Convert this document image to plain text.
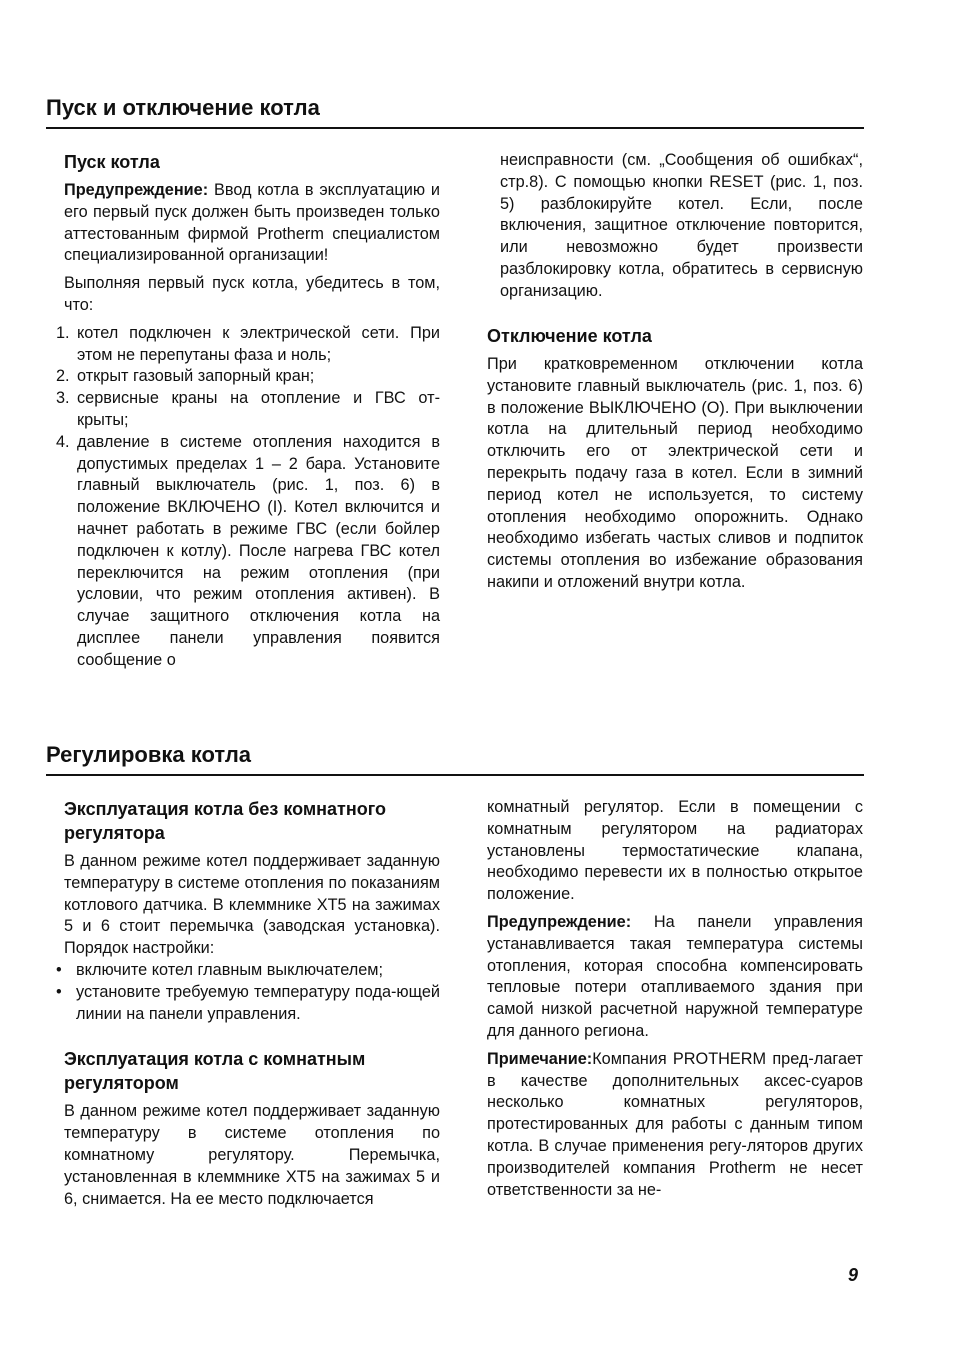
Пуск и отключение котла
Пуск котла

Предупреждение: Ввод котла в эксплуатацию и его первый пуск должен быть произведен только аттестованным фирмой Protherm специалистом специализированной организации!

Выполняя первый пуск котла, убедитесь в том, что:

1. котел подключен к электрической сети. При этом не перепутаны фаза и ноль;
2. открыт газовый запорный кран;
3. сервисные краны на отопление и ГВС от-крыты;
4. давление в системе отопления находится в допустимых пределах 1 – 2 бара. Установите главный выключатель (рис. 1, поз. 6) в положение ВКЛЮЧЕНО (I). Котел включится и начнет работать в режиме ГВС (если бойлер подключен к котлу). После нагрева ГВС котел переключится на режим отопления (при условии, что режим отопления активен). В случае защитного отключения котла на дисплее панели управления появится сообщение о

неисправности (см. „Сообщения об ошибках“, стр.8). С помощью кнопки RESET (рис. 1, поз. 5) разблокируйте котел. Если, после включения, защитное отключение повторится, или невозможно будет произвести разблокировку котла, обратитесь в сервисную организацию.

Отключение котла

При кратковременном отключении котла установите главный выключатель (рис. 1, поз. 6) в положение ВЫКЛЮЧЕНО (O). При выключении котла на длительный период необходимо отключить его от электрической сети и перекрыть подачу газа в котел. Если в зимний период котел не используется, то систему отопления необходимо опорожнить. Однако необходимо избегать частых сливов и подпиток системы отопления во избежание образования накипи и отложений внутри котла.

Регулировка котла
Эксплуатация котла без комнатного регулятора

В данном режиме котел поддерживает заданную температуру в системе отопления по показаниям котлового датчика. В клеммнике XT5 на зажимах 5 и 6 стоит перемычка (заводская установка). Порядок настройки:

• включите котел главным выключателем;
• установите требуемую температуру пода-ющей линии на панели управления.
Эксплуатация котла с комнатным регулятором

В данном режиме котел поддерживает заданную температуру в системе отопления по комнатному регулятору. Перемычка, установленная в клеммнике XT5 на зажимах 5 и 6, снимается. На ее место подключается

комнатный регулятор. Если в помещении с комнатным регулятором на радиаторах установлены термостатические клапана, необходимо перевести их в полностью открытое положение.

Предупреждение: На панели управления устанавливается такая температура системы отопления, которая способна компенсировать тепловые потери отапливаемого здания при самой низкой расчетной наружной температуре для данного региона.

Примечание:Компания PROTHERM пред-лагает в качестве дополнительных аксес-суаров несколько комнатных регуляторов, протестированных для работы с данным типом котла. В случае применения регу-ляторов других производителей компания Protherm не несет ответственности за не-

9
